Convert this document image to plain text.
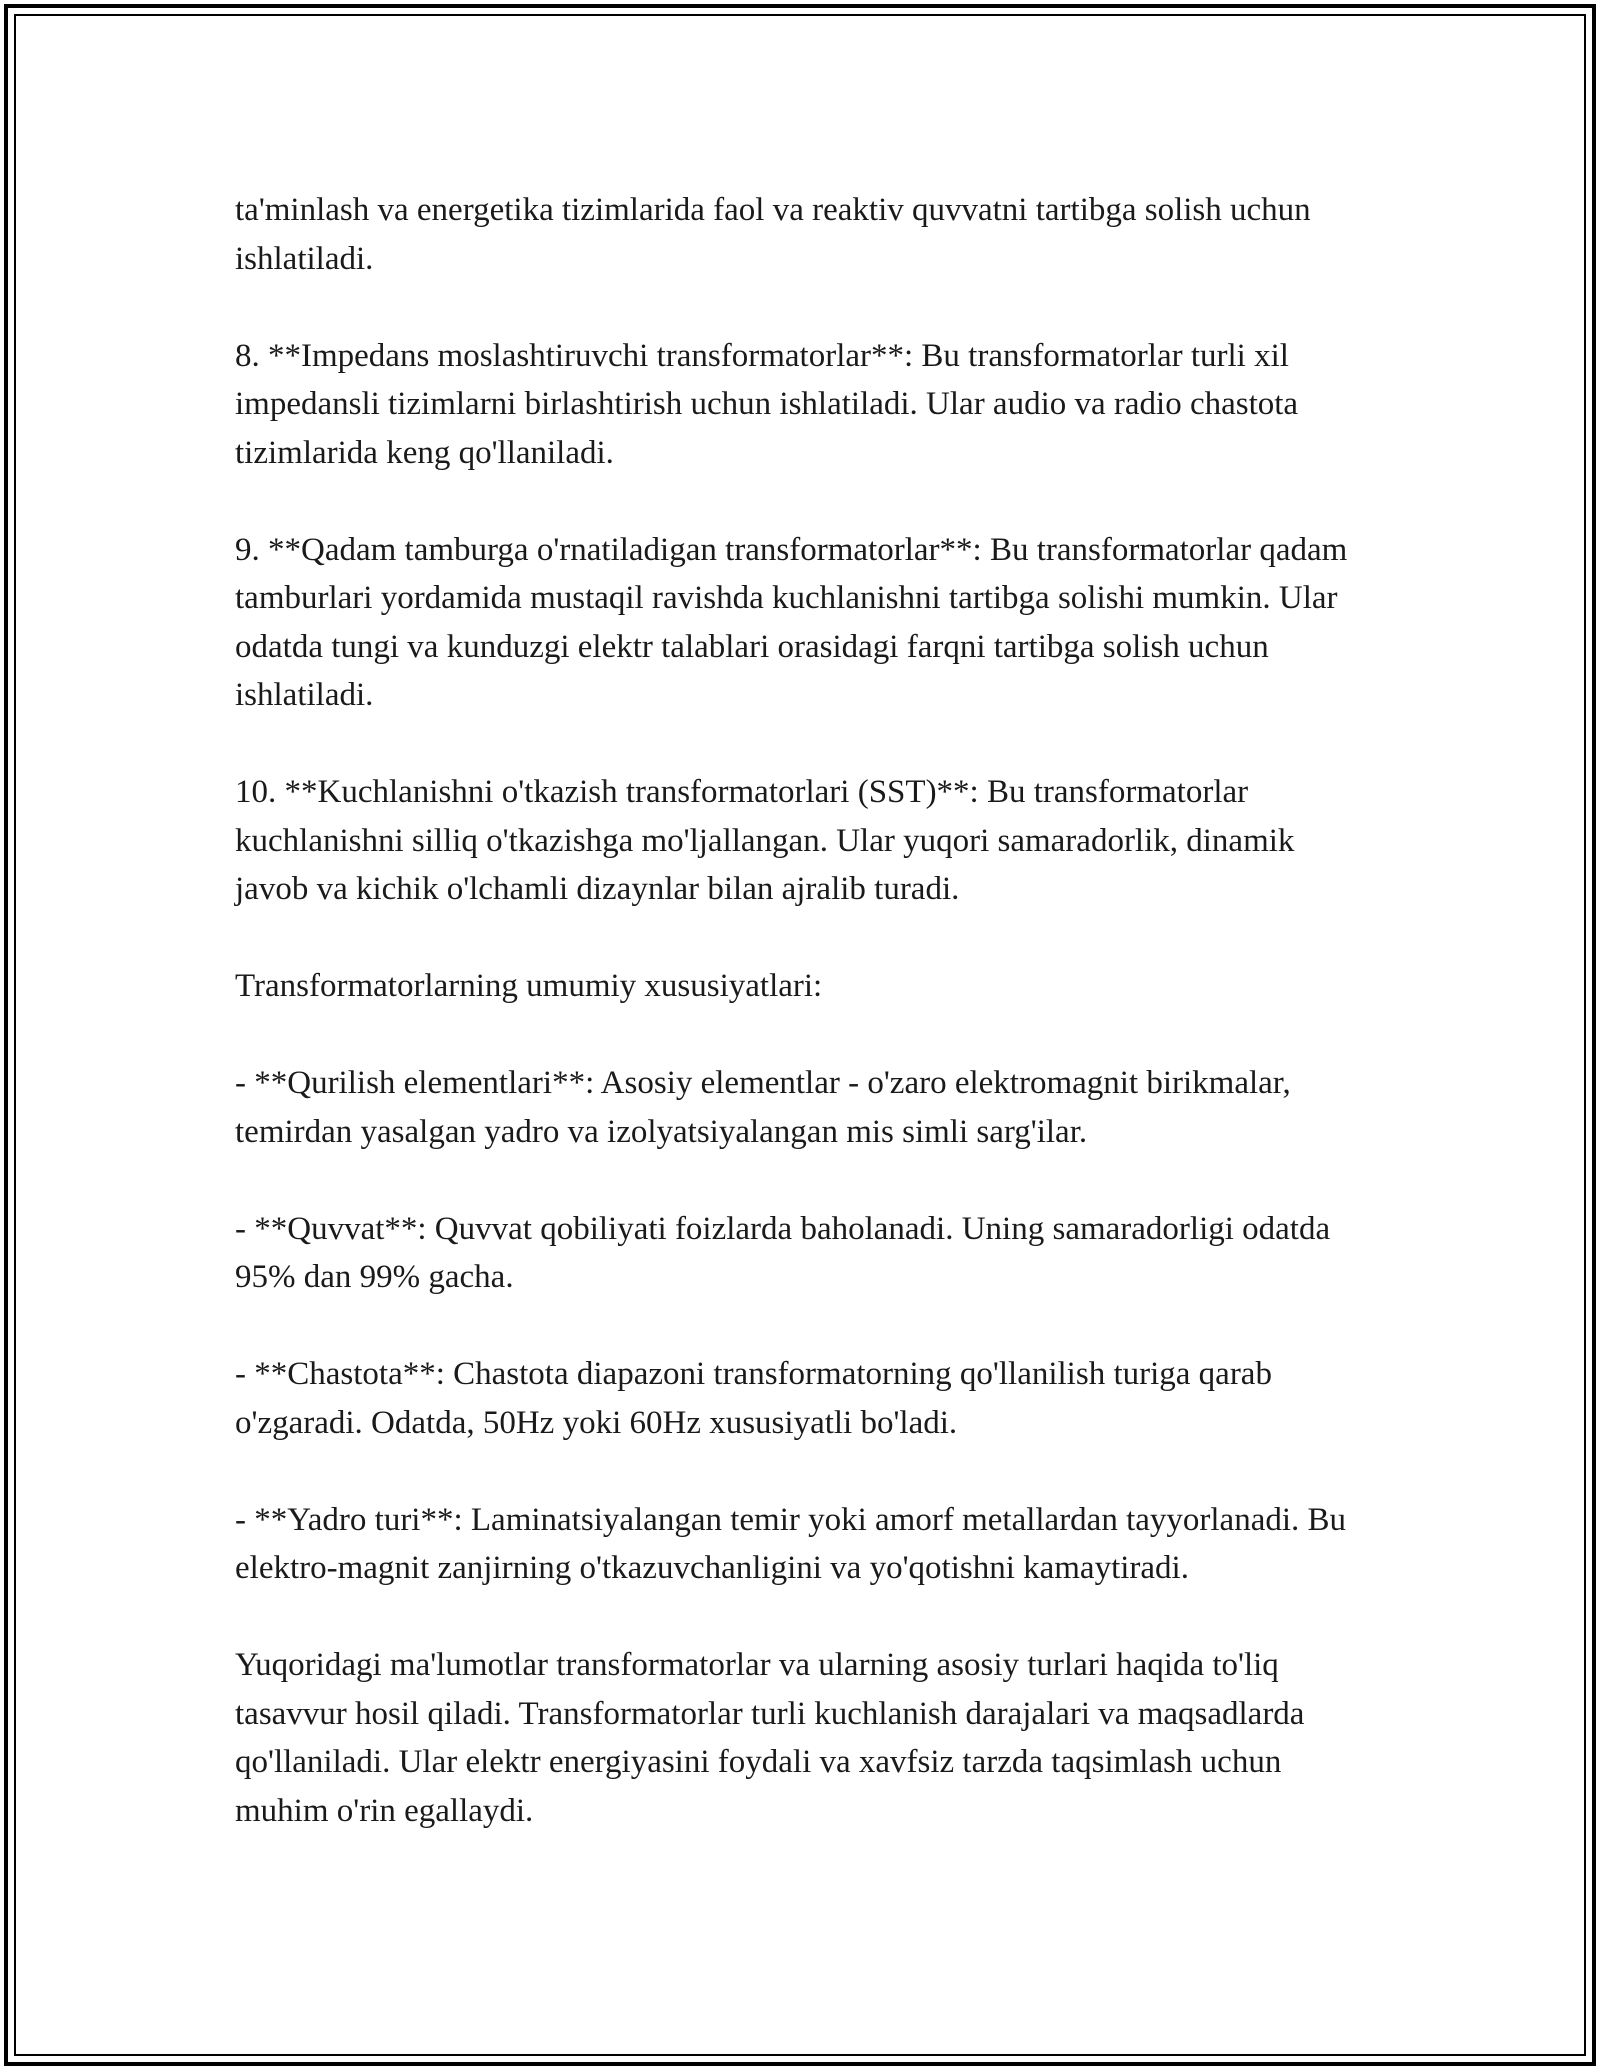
ta'minlash va energetika tizimlarida faol va reaktiv quvvatni tartibga solish uchun ishlatiladi.

8. **Impedans moslashtiruvchi transformatorlar**: Bu transformatorlar turli xil impedansli tizimlarni birlashtirish uchun ishlatiladi. Ular audio va radio chastota tizimlarida keng qo'llaniladi.

9. **Qadam tamburga o'rnatiladigan transformatorlar**: Bu transformatorlar qadam tamburlari yordamida mustaqil ravishda kuchlanishni tartibga solishi mumkin. Ular odatda tungi va kunduzgi elektr talablari orasidagi farqni tartibga solish uchun ishlatiladi.

10. **Kuchlanishni o'tkazish transformatorlari (SST)**: Bu transformatorlar kuchlanishni silliq o'tkazishga mo'ljallangan. Ular yuqori samaradorlik, dinamik javob va kichik o'lchamli dizaynlar bilan ajralib turadi.

Transformatorlarning umumiy xususiyatlari:

- **Qurilish elementlari**: Asosiy elementlar - o'zaro elektromagnit birikmalar, temirdan yasalgan yadro va izolyatsiyalangan mis simli sarg'ilar.

- **Quvvat**: Quvvat qobiliyati foizlarda baholanadi. Uning samaradorligi odatda 95% dan 99% gacha.

- **Chastota**: Chastota diapazoni transformatorning qo'llanilish turiga qarab o'zgaradi. Odatda, 50Hz yoki 60Hz xususiyatli bo'ladi.

- **Yadro turi**: Laminatsiyalangan temir yoki amorf metallardan tayyorlanadi. Bu elektro-magnit zanjirning o'tkazuvchanligini va yo'qotishni kamaytiradi.

Yuqoridagi ma'lumotlar transformatorlar va ularning asosiy turlari haqida to'liq tasavvur hosil qiladi. Transformatorlar turli kuchlanish darajalari va maqsadlarda qo'llaniladi. Ular elektr energiyasini foydali va xavfsiz tarzda taqsimlash uchun muhim o'rin egallaydi.
